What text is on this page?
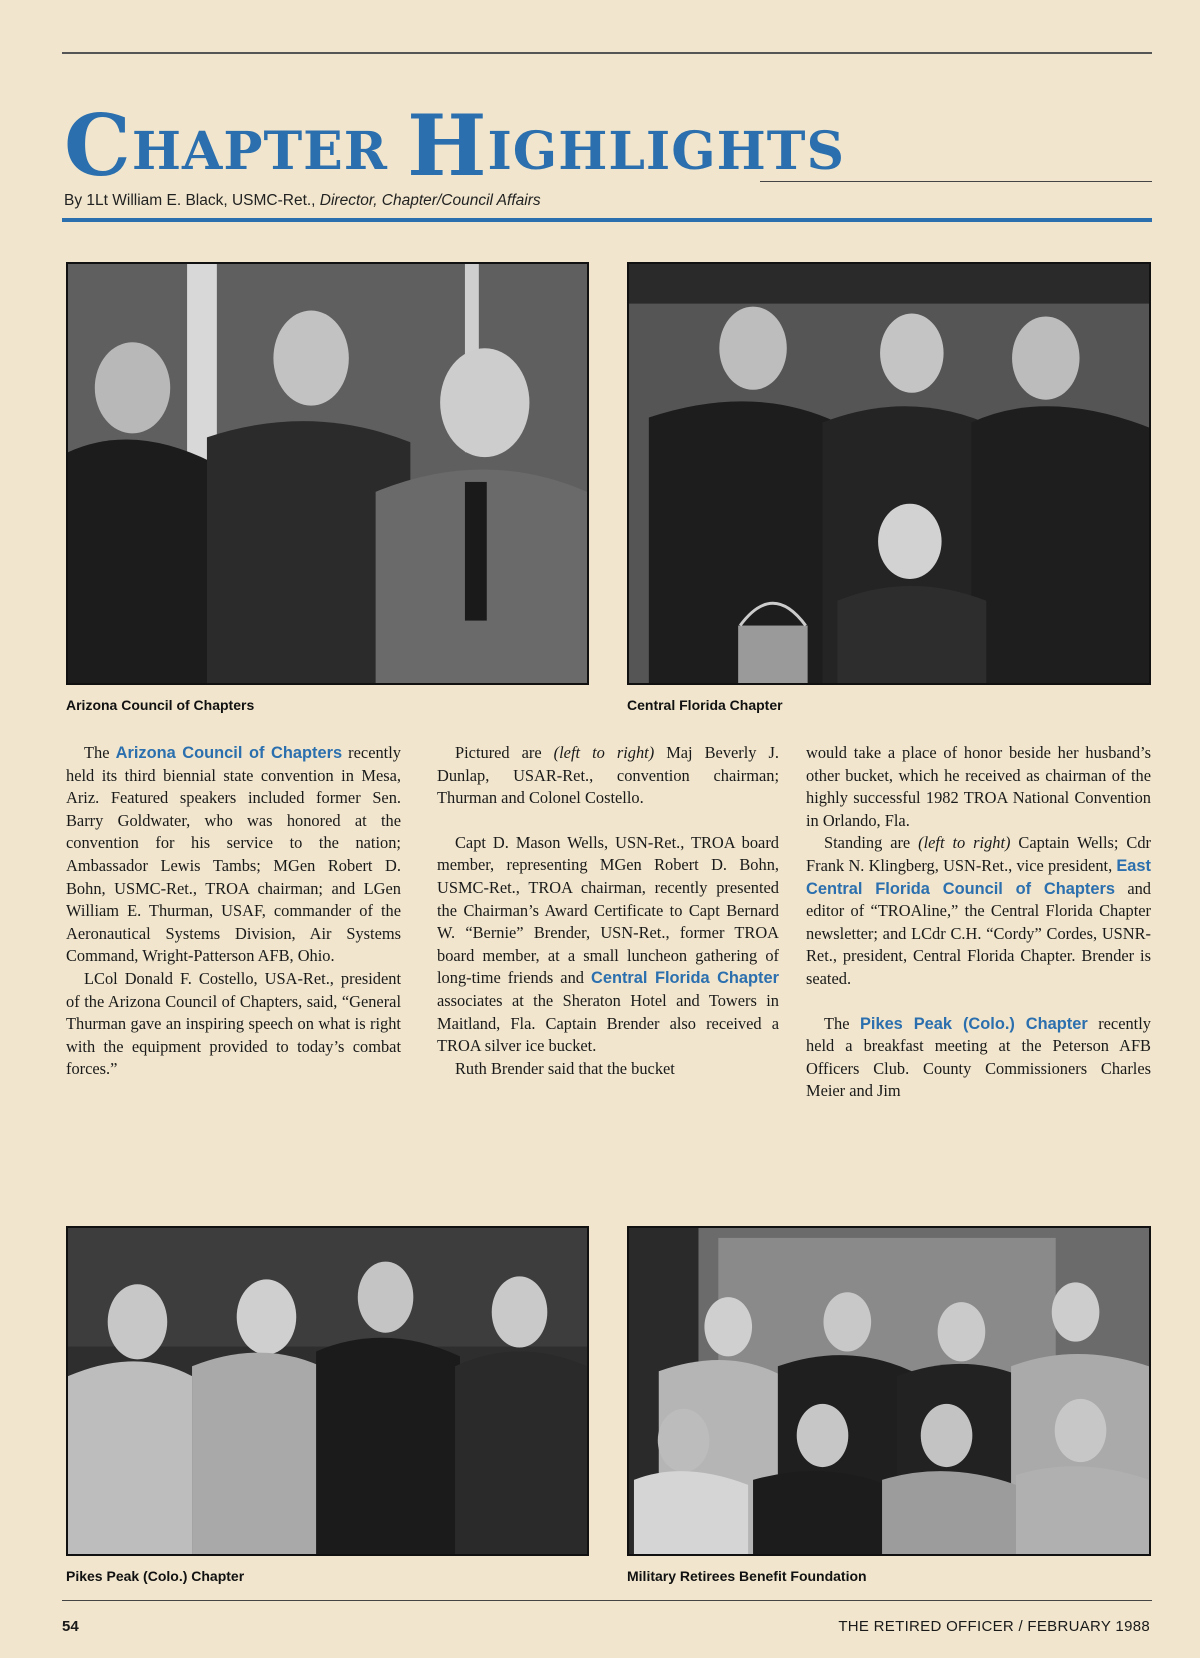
CHAPTER HIGHLIGHTS
By 1Lt William E. Black, USMC-Ret., Director, Chapter/Council Affairs
Arizona Council of Chapters	Central Florida Chapter

The Arizona Council of Chapters recently held its third biennial state convention in Mesa, Ariz. Featured speakers included former Sen. Barry Goldwater, who was honored at the convention for his service to the nation; Ambassador Lewis Tambs; MGen Robert D. Bohn, USMC-Ret., TROA chairman; and LGen William E. Thurman, USAF, commander of the Aeronautical Systems Division, Air Systems Command, Wright-Patterson AFB, Ohio.

LCol Donald F. Costello, USA-Ret., president of the Arizona Council of Chapters, said, “General Thurman gave an inspiring speech on what is right with the equipment provided to today’s combat forces.”

Pictured are (left to right) Maj Beverly J. Dunlap, USAR-Ret., convention chairman; Thurman and Colonel Costello.

Capt D. Mason Wells, USN-Ret., TROA board member, representing MGen Robert D. Bohn, USMC-Ret., TROA chairman, recently presented the Chairman’s Award Certificate to Capt Bernard W. “Bernie” Brender, USN-Ret., former TROA board member, at a small luncheon gathering of long-time friends and Central Florida Chapter associates at the Sheraton Hotel and Towers in Maitland, Fla. Captain Brender also received a TROA silver ice bucket.

Ruth Brender said that the bucket

would take a place of honor beside her husband’s other bucket, which he received as chairman of the highly successful 1982 TROA National Convention in Orlando, Fla.

Standing are (left to right) Captain Wells; Cdr Frank N. Klingberg, USN-Ret., vice president, East Central Florida Council of Chapters and editor of “TROAline,” the Central Florida Chapter newsletter; and LCdr C.H. “Cordy” Cordes, USNR-Ret., president, Central Florida Chapter. Brender is seated.

The Pikes Peak (Colo.) Chapter recently held a breakfast meeting at the Peterson AFB Officers Club. County Commissioners Charles Meier and Jim

Pikes Peak (Colo.) Chapter	Military Retirees Benefit Foundation
54	THE RETIRED OFFICER / FEBRUARY 1988
